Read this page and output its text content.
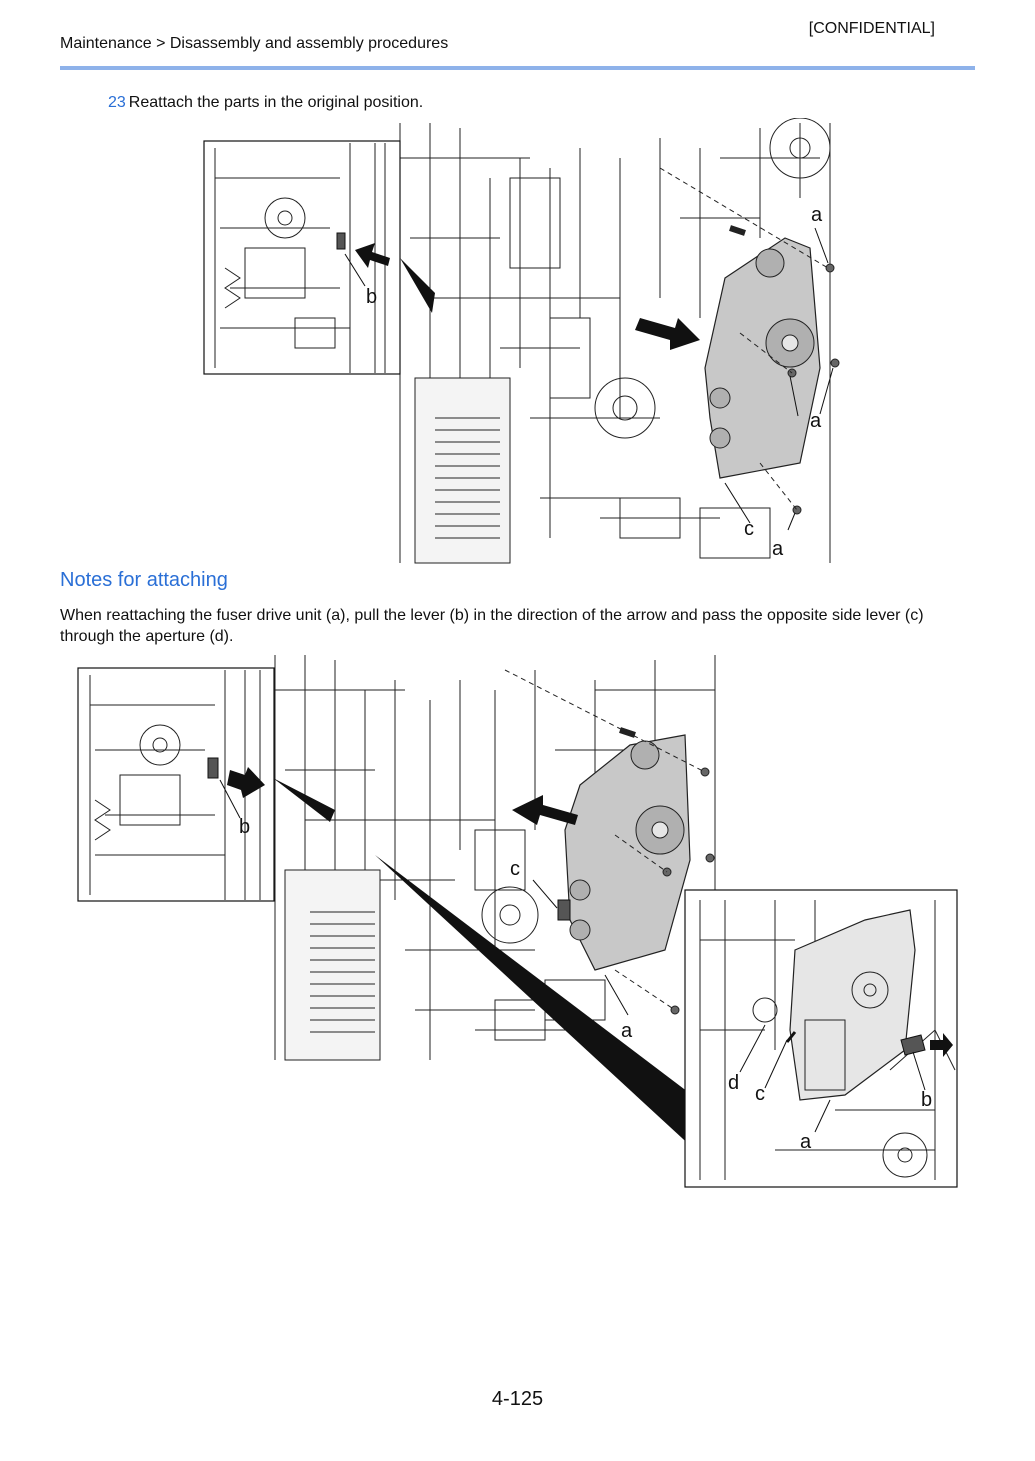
[CONFIDENTIAL]
Maintenance > Disassembly and assembly procedures
23 Reattach the parts in the original position.
a
a
c
a
b
Notes for attaching
When reattaching the fuser drive unit (a), pull the lever (b) in the direction of the arrow and pass the opposite side lever (c) through the aperture (d).
c
a
b
d c	b
a
4-125
